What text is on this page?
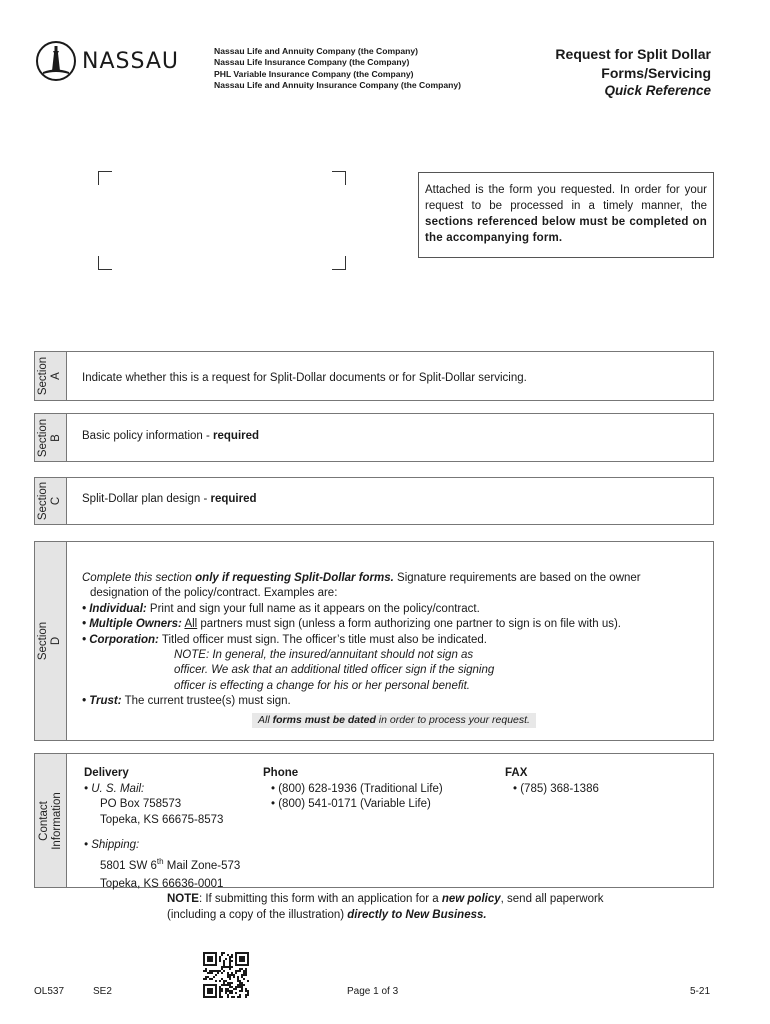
NASSAU	Nassau Life and Annuity Company (the Company)
Nassau Life Insurance Company (the Company)
PHL Variable Insurance Company (the Company)
Nassau Life and Annuity Insurance Company (the Company)
Request for Split Dollar
Forms/Servicing
Quick Reference
Attached is the form you requested. In order for your request to be processed in a timely manner, the sections referenced below must be completed on the accompanying form.
Section A Indicate whether this is a request for Split-Dollar documents or for Split-Dollar servicing.
Section B Basic policy information - required
Section C Split-Dollar plan design - required
Section D

Complete this section only if requesting Split-Dollar forms. Signature requirements are based on the owner

designation of the policy/contract. Examples are:

• Individual: Print and sign your full name as it appears on the policy/contract.

• Multiple Owners: All partners must sign (unless a form authorizing one partner to sign is on file with us).

• Corporation: Titled officer must sign. The officer’s title must also be indicated.

NOTE: In general, the insured/annuitant should not sign as

officer. We ask that an additional titled officer sign if the signing

officer is effecting a change for his or her personal benefit.

• Trust: The current trustee(s) must sign.

All forms must be dated in order to process your request.
Contact Information
Delivery
• U. S. Mail:
PO Box 758573
Topeka, KS 66675-8573
• Shipping:
5801 SW 6th Mail Zone-573
Topeka, KS 66636-0001
Phone
• (800) 628-1936 (Traditional Life)
• (800) 541-0171 (Variable Life)
FAX
• (785) 368-1386
NOTE: If submitting this form with an application for a new policy, send all paperwork (including a copy of the illustration) directly to New Business.
OL537	SE2	Page 1 of 3	5-21
